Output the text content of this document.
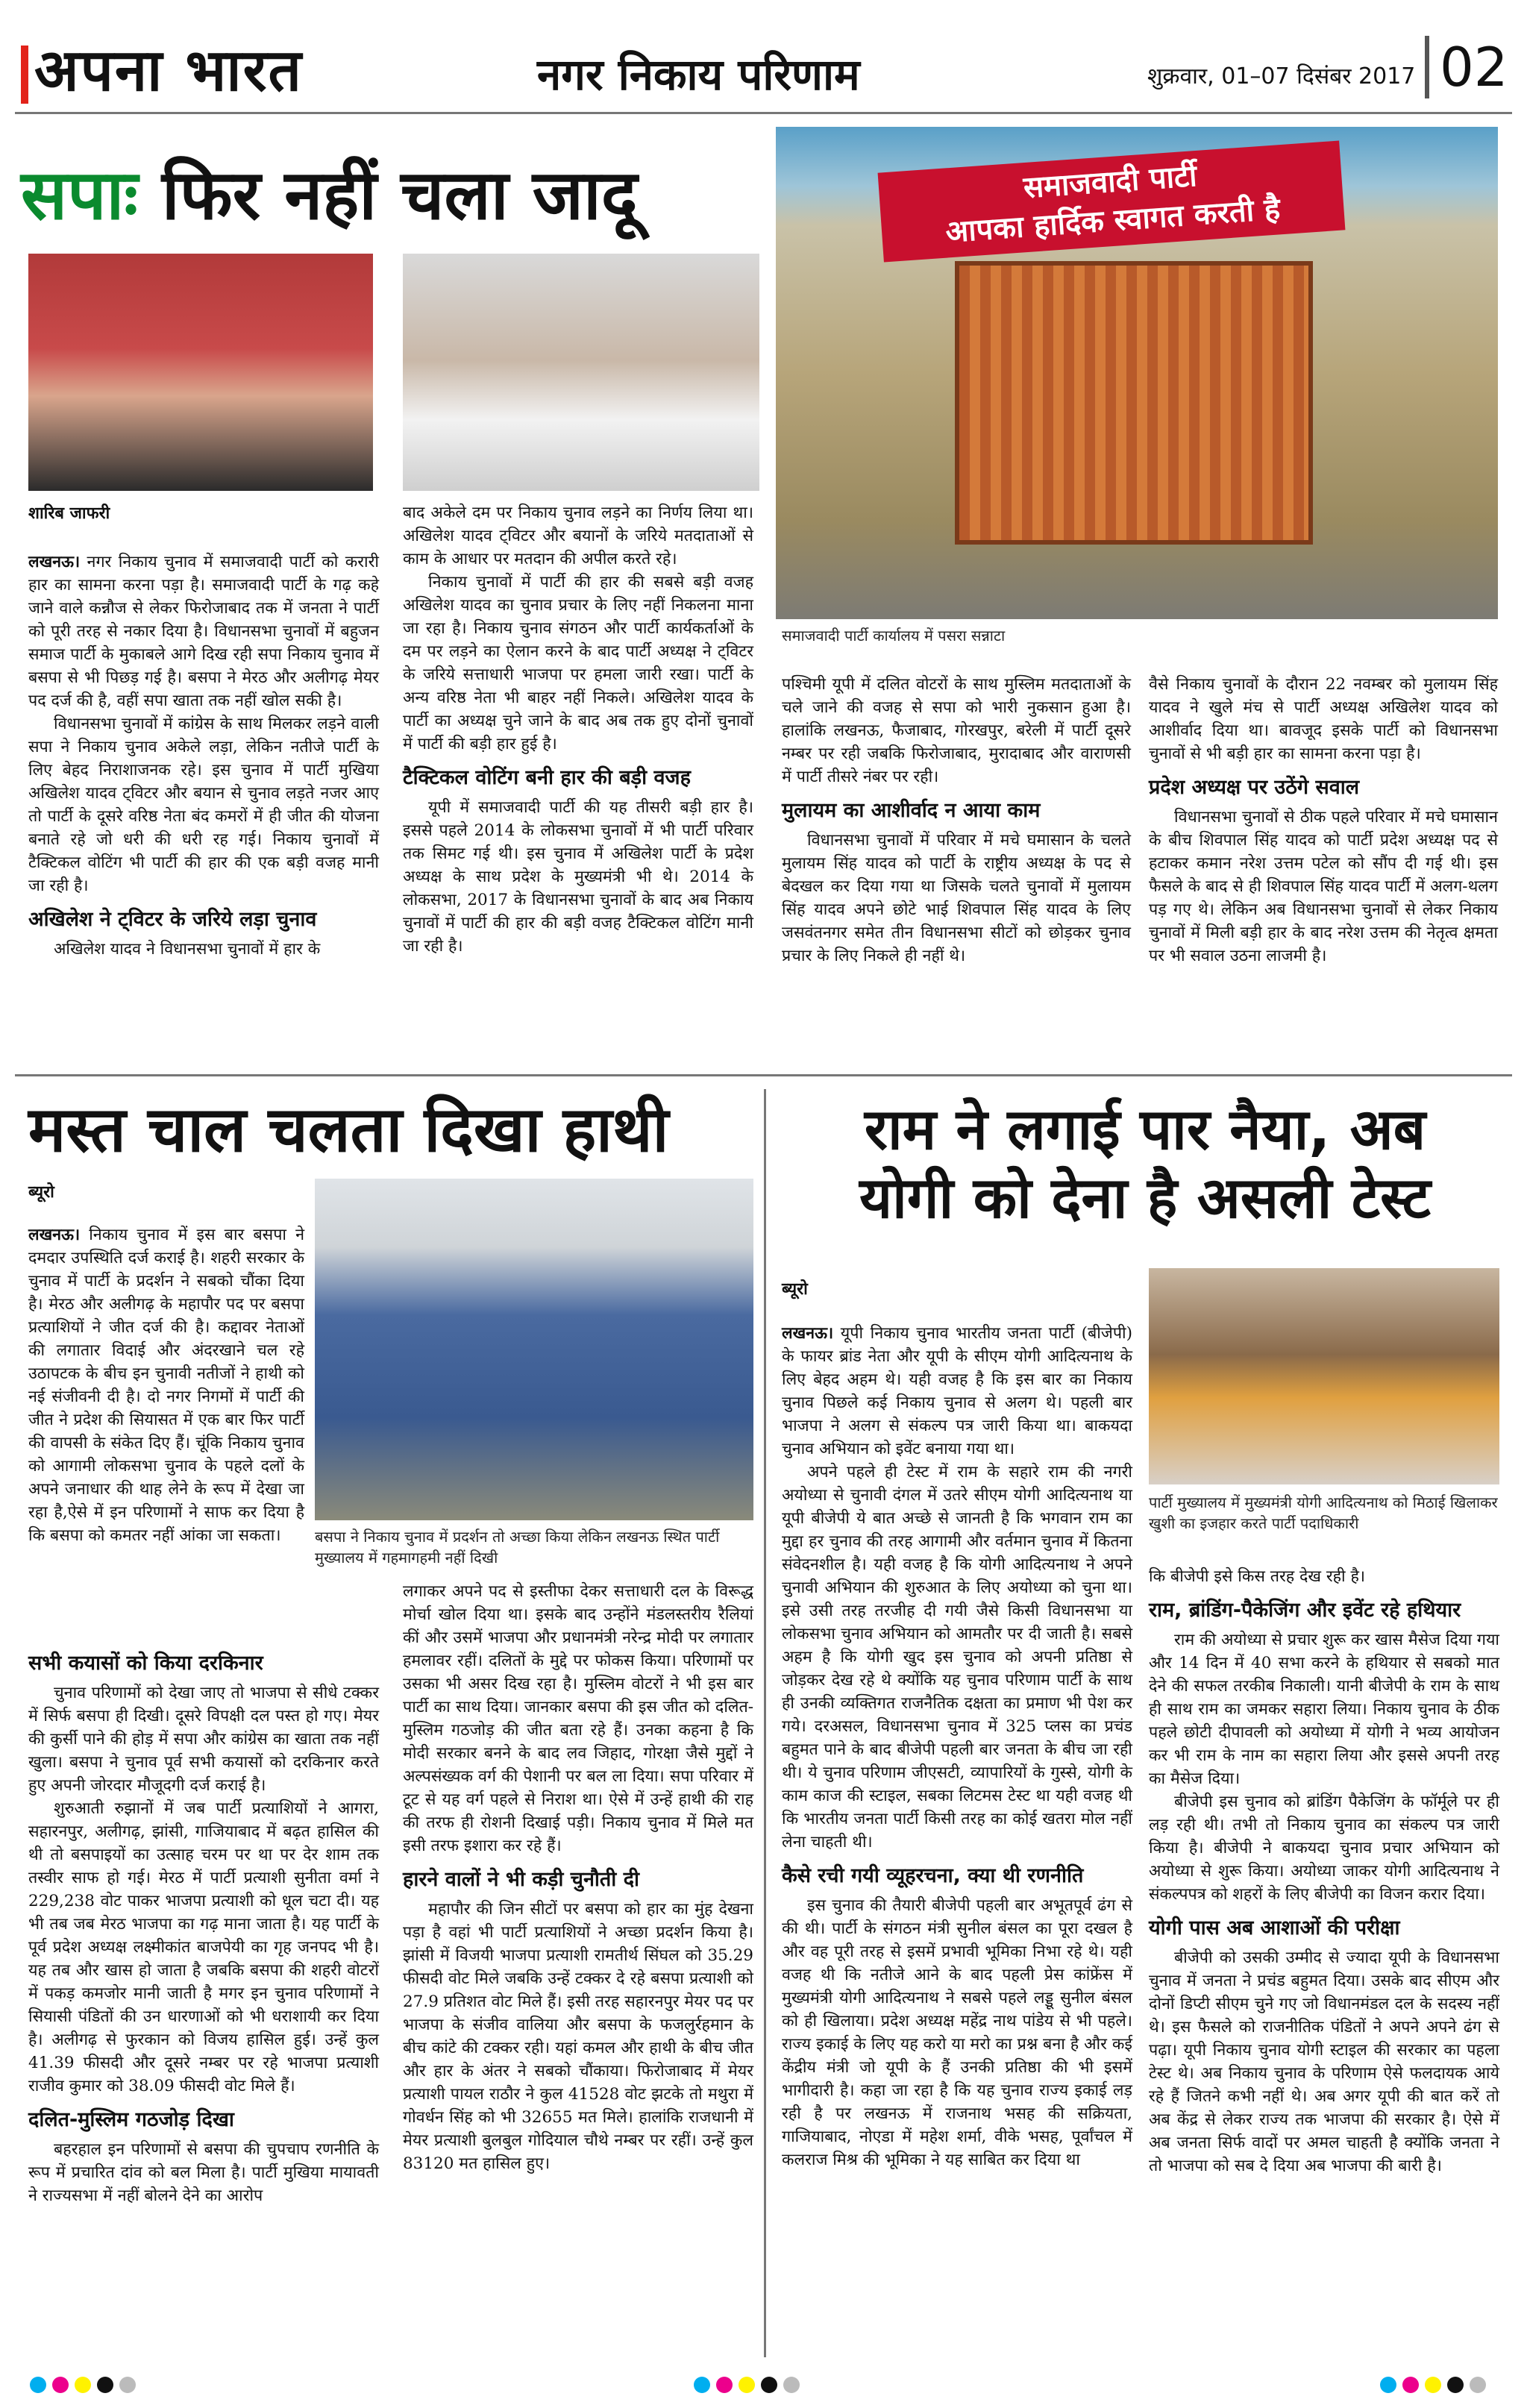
अपना भारत	नगर निकाय परिणाम	शुक्रवार, 01–07 दिसंबर 2017 02
सपाः फिर नहीं चला जादू	समाजवादी पार्टी
आपका हार्दिक स्वागत करती है
समाजवादी पार्टी कार्यालय में पसरा सन्नाटा
शारिब जाफरी

लखनऊ। नगर निकाय चुनाव में समाजवादी पार्टी को करारी हार का सामना करना पड़ा है। समाजवादी पार्टी के गढ़ कहे जाने वाले कन्नौज से लेकर फिरोजाबाद तक में जनता ने पार्टी को पूरी तरह से नकार दिया है। विधानसभा चुनावों में बहुजन समाज पार्टी के मुकाबले आगे दिख रही सपा निकाय चुनाव में बसपा से भी पिछड़ गई है। बसपा ने मेरठ और अलीगढ़ मेयर पद दर्ज की है, वहीं सपा खाता तक नहीं खोल सकी है।

विधानसभा चुनावों में कांग्रेस के साथ मिलकर लड़ने वाली सपा ने निकाय चुनाव अकेले लड़ा, लेकिन नतीजे पार्टी के लिए बेहद निराशाजनक रहे। इस चुनाव में पार्टी मुखिया अखिलेश यादव ट्विटर और बयान से चुनाव लड़ते नजर आए तो पार्टी के दूसरे वरिष्ठ नेता बंद कमरों में ही जीत की योजना बनाते रहे जो धरी की धरी रह गई। निकाय चुनावों में टैक्टिकल वोटिंग भी पार्टी की हार की एक बड़ी वजह मानी जा रही है।

अखिलेश ने ट्विटर के जरिये लड़ा चुनाव

अखिलेश यादव ने विधानसभा चुनावों में हार के

बाद अकेले दम पर निकाय चुनाव लड़ने का निर्णय लिया था। अखिलेश यादव ट्विटर और बयानों के जरिये मतदाताओं से काम के आधार पर मतदान की अपील करते रहे।

निकाय चुनावों में पार्टी की हार की सबसे बड़ी वजह अखिलेश यादव का चुनाव प्रचार के लिए नहीं निकलना माना जा रहा है। निकाय चुनाव संगठन और पार्टी कार्यकर्ताओं के दम पर लड़ने का ऐलान करने के बाद पार्टी अध्यक्ष ने ट्विटर के जरिये सत्ताधारी भाजपा पर हमला जारी रखा। पार्टी के अन्य वरिष्ठ नेता भी बाहर नहीं निकले। अखिलेश यादव के पार्टी का अध्यक्ष चुने जाने के बाद अब तक हुए दोनों चुनावों में पार्टी की बड़ी हार हुई है।

टैक्टिकल वोटिंग बनी हार की बड़ी वजह

यूपी में समाजवादी पार्टी की यह तीसरी बड़ी हार है। इससे पहले 2014 के लोकसभा चुनावों में भी पार्टी परिवार तक सिमट गई थी। इस चुनाव में अखिलेश पार्टी के प्रदेश अध्यक्ष के साथ प्रदेश के मुख्यमंत्री भी थे। 2014 के लोकसभा, 2017 के विधानसभा चुनावों के बाद अब निकाय चुनावों में पार्टी की हार की बड़ी वजह टैक्टिकल वोटिंग मानी जा रही है।

पश्चिमी यूपी में दलित वोटरों के साथ मुस्लिम मतदाताओं के चले जाने की वजह से सपा को भारी नुकसान हुआ है। हालांकि लखनऊ, फैजाबाद, गोरखपुर, बरेली में पार्टी दूसरे नम्बर पर रही जबकि फिरोजाबाद, मुरादाबाद और वाराणसी में पार्टी तीसरे नंबर पर रही।

मुलायम का आशीर्वाद न आया काम

विधानसभा चुनावों में परिवार में मचे घमासान के चलते मुलायम सिंह यादव को पार्टी के राष्ट्रीय अध्यक्ष के पद से बेदखल कर दिया गया था जिसके चलते चुनावों में मुलायम सिंह यादव अपने छोटे भाई शिवपाल सिंह यादव के लिए जसवंतनगर समेत तीन विधानसभा सीटों को छोड़कर चुनाव प्रचार के लिए निकले ही नहीं थे।

वैसे निकाय चुनावों के दौरान 22 नवम्बर को मुलायम सिंह यादव ने खुले मंच से पार्टी अध्यक्ष अखिलेश यादव को आशीर्वाद दिया था। बावजूद इसके पार्टी को विधानसभा चुनावों से भी बड़ी हार का सामना करना पड़ा है।

प्रदेश अध्यक्ष पर उठेंगे सवाल

विधानसभा चुनावों से ठीक पहले परिवार में मचे घमासान के बीच शिवपाल सिंह यादव को पार्टी प्रदेश अध्यक्ष पद से हटाकर कमान नरेश उत्तम पटेल को सौंप दी गई थी। इस फैसले के बाद से ही शिवपाल सिंह यादव पार्टी में अलग-थलग पड़ गए थे। लेकिन अब विधानसभा चुनावों से लेकर निकाय चुनावों में मिली बड़ी हार के बाद नरेश उत्तम की नेतृत्व क्षमता पर भी सवाल उठना लाजमी है।

मस्त चाल चलता दिखा हाथी
ब्यूरो
बसपा ने निकाय चुनाव में प्रदर्शन तो अच्छा किया लेकिन लखनऊ स्थित पार्टी मुख्यालय में गहमागहमी नहीं दिखी

लखनऊ। निकाय चुनाव में इस बार बसपा ने दमदार उपस्थिति दर्ज कराई है। शहरी सरकार के चुनाव में पार्टी के प्रदर्शन ने सबको चौंका दिया है। मेरठ और अलीगढ़ के महापौर पद पर बसपा प्रत्याशियों ने जीत दर्ज की है। कद्दावर नेताओं की लगातार विदाई और अंदरखाने चल रहे उठापटक के बीच इन चुनावी नतीजों ने हाथी को नई संजीवनी दी है। दो नगर निगमों में पार्टी की जीत ने प्रदेश की सियासत में एक बार फिर पार्टी की वापसी के संकेत दिए हैं। चूंकि निकाय चुनाव को आगामी लोकसभा चुनाव के पहले दलों के अपने जनाधार की थाह लेने के रूप में देखा जा रहा है,ऐसे में इन परिणामों ने साफ कर दिया है कि बसपा को कमतर नहीं आंका जा सकता।

सभी कयासों को किया दरकिनार

चुनाव परिणामों को देखा जाए तो भाजपा से सीधे टक्कर में सिर्फ बसपा ही दिखी। दूसरे विपक्षी दल पस्त हो गए। मेयर की कुर्सी पाने की होड़ में सपा और कांग्रेस का खाता तक नहीं खुला। बसपा ने चुनाव पूर्व सभी कयासों को दरकिनार करते हुए अपनी जोरदार मौजूदगी दर्ज कराई है।

शुरुआती रुझानों में जब पार्टी प्रत्याशियों ने आगरा, सहारनपुर, अलीगढ़, झांसी, गाजियाबाद में बढ़त हासिल की थी तो बसपाइयों का उत्साह चरम पर था पर देर शाम तक तस्वीर साफ हो गई। मेरठ में पार्टी प्रत्याशी सुनीता वर्मा ने 229,238 वोट पाकर भाजपा प्रत्याशी को धूल चटा दी। यह भी तब जब मेरठ भाजपा का गढ़ माना जाता है। यह पार्टी के पूर्व प्रदेश अध्यक्ष लक्ष्मीकांत बाजपेयी का गृह जनपद भी है। यह तब और खास हो जाता है जबकि बसपा की शहरी वोटरों में पकड़ कमजोर मानी जाती है मगर इन चुनाव परिणामों ने सियासी पंडितों की उन धारणाओं को भी धराशायी कर दिया है। अलीगढ़ से फुरकान को विजय हासिल हुई। उन्हें कुल 41.39 फीसदी और दूसरे नम्बर पर रहे भाजपा प्रत्याशी राजीव कुमार को 38.09 फीसदी वोट मिले हैं।

दलित-मुस्लिम गठजोड़ दिखा

बहरहाल इन परिणामों से बसपा की चुपचाप रणनीति के रूप में प्रचारित दांव को बल मिला है। पार्टी मुखिया मायावती ने राज्यसभा में नहीं बोलने देने का आरोप

लगाकर अपने पद से इस्तीफा देकर सत्ताधारी दल के विरूद्ध मोर्चा खोल दिया था। इसके बाद उन्होंने मंडलस्तरीय रैलियां कीं और उसमें भाजपा और प्रधानमंत्री नरेन्द्र मोदी पर लगातार हमलावर रहीं। दलितों के मुद्दे पर फोकस किया। परिणामों पर उसका भी असर दिख रहा है। मुस्लिम वोटरों ने भी इस बार पार्टी का साथ दिया। जानकार बसपा की इस जीत को दलित-मुस्लिम गठजोड़ की जीत बता रहे हैं। उनका कहना है कि मोदी सरकार बनने के बाद लव जिहाद, गोरक्षा जैसे मुद्दों ने अल्पसंख्यक वर्ग की पेशानी पर बल ला दिया। सपा परिवार में टूट से यह वर्ग पहले से निराश था। ऐसे में उन्हें हाथी की राह की तरफ ही रोशनी दिखाई पड़ी। निकाय चुनाव में मिले मत इसी तरफ इशारा कर रहे हैं।

हारने वालों ने भी कड़ी चुनौती दी

महापौर की जिन सीटों पर बसपा को हार का मुंह देखना पड़ा है वहां भी पार्टी प्रत्याशियों ने अच्छा प्रदर्शन किया है। झांसी में विजयी भाजपा प्रत्याशी रामतीर्थ सिंघल को 35.29 फीसदी वोट मिले जबकि उन्हें टक्कर दे रहे बसपा प्रत्याशी को 27.9 प्रतिशत वोट मिले हैं। इसी तरह सहारनपुर मेयर पद पर भाजपा के संजीव वालिया और बसपा के फजलुर्रहमान के बीच कांटे की टक्कर रही। यहां कमल और हाथी के बीच जीत और हार के अंतर ने सबको चौंकाया। फिरोजाबाद में मेयर प्रत्याशी पायल राठौर ने कुल 41528 वोट झटके तो मथुरा में गोवर्धन सिंह को भी 32655 मत मिले। हालांकि राजधानी में मेयर प्रत्याशी बुलबुल गोदियाल चौथे नम्बर पर रहीं। उन्हें कुल 83120 मत हासिल हुए।

राम ने लगाई पार नैया, अब
योगी को देना है असली टेस्ट
ब्यूरो
पार्टी मुख्यालय में मुख्यमंत्री योगी आदित्यनाथ को मिठाई खिलाकर खुशी का इजहार करते पार्टी पदाधिकारी

लखनऊ। यूपी निकाय चुनाव भारतीय जनता पार्टी (बीजेपी) के फायर ब्रांड नेता और यूपी के सीएम योगी आदित्यनाथ के लिए बेहद अहम थे। यही वजह है कि इस बार का निकाय चुनाव पिछले कई निकाय चुनाव से अलग थे। पहली बार भाजपा ने अलग से संकल्प पत्र जारी किया था। बाकयदा चुनाव अभियान को इवेंट बनाया गया था।

अपने पहले ही टेस्ट में राम के सहारे राम की नगरी अयोध्या से चुनावी दंगल में उतरे सीएम योगी आदित्यनाथ या यूपी बीजेपी ये बात अच्छे से जानती है कि भगवान राम का मुद्दा हर चुनाव की तरह आगामी और वर्तमान चुनाव में कितना संवेदनशील है। यही वजह है कि योगी आदित्यनाथ ने अपने चुनावी अभियान की शुरुआत के लिए अयोध्या को चुना था। इसे उसी तरह तरजीह दी गयी जैसे किसी विधानसभा या लोकसभा चुनाव अभियान को आमतौर पर दी जाती है। सबसे अहम है कि योगी खुद इस चुनाव को अपनी प्रतिष्ठा से जोड़कर देख रहे थे क्योंकि यह चुनाव परिणाम पार्टी के साथ ही उनकी व्यक्तिगत राजनैतिक दक्षता का प्रमाण भी पेश कर गये। दरअसल, विधानसभा चुनाव में 325 प्लस का प्रचंड बहुमत पाने के बाद बीजेपी पहली बार जनता के बीच जा रही थी। ये चुनाव परिणाम जीएसटी, व्यापारियों के गुस्से, योगी के काम काज की स्टाइल, सबका लिटमस टेस्ट था यही वजह थी कि भारतीय जनता पार्टी किसी तरह का कोई खतरा मोल नहीं लेना चाहती थी।

कैसे रची गयी व्यूहरचना, क्या थी रणनीति

इस चुनाव की तैयारी बीजेपी पहली बार अभूतपूर्व ढंग से की थी। पार्टी के संगठन मंत्री सुनील बंसल का पूरा दखल है और वह पूरी तरह से इसमें प्रभावी भूमिका निभा रहे थे। यही वजह थी कि नतीजे आने के बाद पहली प्रेस कांफ्रेंस में मुख्यमंत्री योगी आदित्यनाथ ने सबसे पहले लड्डू सुनील बंसल को ही खिलाया। प्रदेश अध्यक्ष महेंद्र नाथ पांडेय से भी पहले। राज्य इकाई के लिए यह करो या मरो का प्रश्न बना है और कई केंद्रीय मंत्री जो यूपी के हैं उनकी प्रतिष्ठा की भी इसमें भागीदारी है। कहा जा रहा है कि यह चुनाव राज्य इकाई लड़ रही है पर लखनऊ में राजनाथ भसह की सक्रियता, गाजियाबाद, नोएडा में महेश शर्मा, वीके भसह, पूर्वांचल में कलराज मिश्र की भूमिका ने यह साबित कर दिया था

कि बीजेपी इसे किस तरह देख रही है।

राम, ब्रांडिंग-पैकेजिंग और इवेंट रहे हथियार

राम की अयोध्या से प्रचार शुरू कर खास मैसेज दिया गया और 14 दिन में 40 सभा करने के हथियार से सबको मात देने की सफल तरकीब निकाली। यानी बीजेपी के राम के साथ ही साथ राम का जमकर सहारा लिया। निकाय चुनाव के ठीक पहले छोटी दीपावली को अयोध्या में योगी ने भव्य आयोजन कर भी राम के नाम का सहारा लिया और इससे अपनी तरह का मैसेज दिया।

बीजेपी इस चुनाव को ब्रांडिंग पैकेजिंग के फॉर्मूले पर ही लड़ रही थी। तभी तो निकाय चुनाव का संकल्प पत्र जारी किया है। बीजेपी ने बाकयदा चुनाव प्रचार अभियान को अयोध्या से शुरू किया। अयोध्या जाकर योगी आदित्यनाथ ने संकल्पपत्र को शहरों के लिए बीजेपी का विजन करार दिया।

योगी पास अब आशाओं की परीक्षा

बीजेपी को उसकी उम्मीद से ज्यादा यूपी के विधानसभा चुनाव में जनता ने प्रचंड बहुमत दिया। उसके बाद सीएम और दोनों डिप्टी सीएम चुने गए जो विधानमंडल दल के सदस्य नहीं थे। इस फैसले को राजनीतिक पंडितों ने अपने अपने ढंग से पढ़ा। यूपी निकाय चुनाव योगी स्टाइल की सरकार का पहला टेस्ट थे। अब निकाय चुनाव के परिणाम ऐसे फलदायक आये रहे हैं जितने कभी नहीं थे। अब अगर यूपी की बात करें तो अब केंद्र से लेकर राज्य तक भाजपा की सरकार है। ऐसे में अब जनता सिर्फ वादों पर अमल चाहती है क्योंकि जनता ने तो भाजपा को सब दे दिया अब भाजपा की बारी है।
